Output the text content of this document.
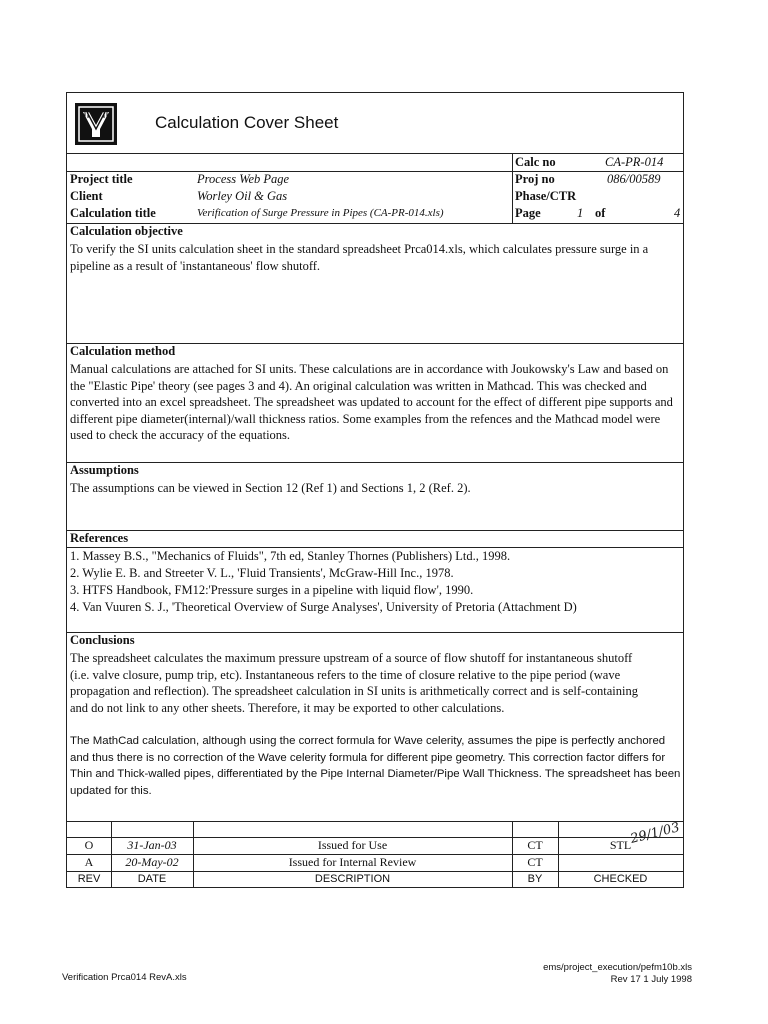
Calculation Cover Sheet
Calc no	CA-PR-014
Project title	Process Web Page	Proj no	086/00589
Client	Worley Oil & Gas	Phase/CTR
Calculation title	Verification of Surge Pressure in Pipes (CA-PR-014.xls)	Page	1 of	4
Calculation objective
To verify the SI units calculation sheet in the standard spreadsheet Prca014.xls, which calculates pressure surge in a pipeline as a result of 'instantaneous' flow shutoff.
Calculation method
Manual calculations are attached for SI units. These calculations are in accordance with Joukowsky's Law and based on the "Elastic Pipe' theory (see pages 3 and 4). An original calculation was written in Mathcad. This was checked and converted into an excel spreadsheet. The spreadsheet was updated to account for the effect of different pipe supports and different pipe diameter(internal)/wall thickness ratios. Some examples from the refences and the Mathcad model were used to check the accuracy of the equations.
Assumptions
The assumptions can be viewed in Section 12 (Ref 1) and Sections 1, 2 (Ref. 2).
References
1. Massey B.S., "Mechanics of Fluids", 7th ed, Stanley Thornes (Publishers) Ltd., 1998.
2. Wylie E. B. and Streeter V. L., 'Fluid Transients', McGraw-Hill Inc., 1978.
3. HTFS Handbook, FM12:'Pressure surges in a pipeline with liquid flow', 1990.
4. Van Vuuren S. J., 'Theoretical Overview of Surge Analyses', University of Pretoria (Attachment D)
Conclusions
The spreadsheet calculates the maximum pressure upstream of a source of flow shutoff for instantaneous shutoff (i.e. valve closure, pump trip, etc). Instantaneous refers to the time of closure relative to the pipe period (wave propagation and reflection). The spreadsheet calculation in SI units is arithmetically correct and is self-containing and do not link to any other sheets. Therefore, it may be exported to other calculations.
The MathCad calculation, although using the correct formula for Wave celerity, assumes the pipe is perfectly anchored and thus there is no correction of the Wave celerity formula for different pipe geometry. This correction factor differs for Thin and Thick-walled pipes, differentiated by the Pipe Internal Diameter/Pipe Wall Thickness. The spreadsheet has been updated for this.
O	31-Jan-03	Issued for Use	CT	STL
A	20-May-02	Issued for Internal Review	CT
REV	DATE	DESCRIPTION	BY	CHECKED
29/1/03
Verification Prca014 RevA.xls
ems/project_execution/pefm10b.xls
Rev 17 1 July 1998
